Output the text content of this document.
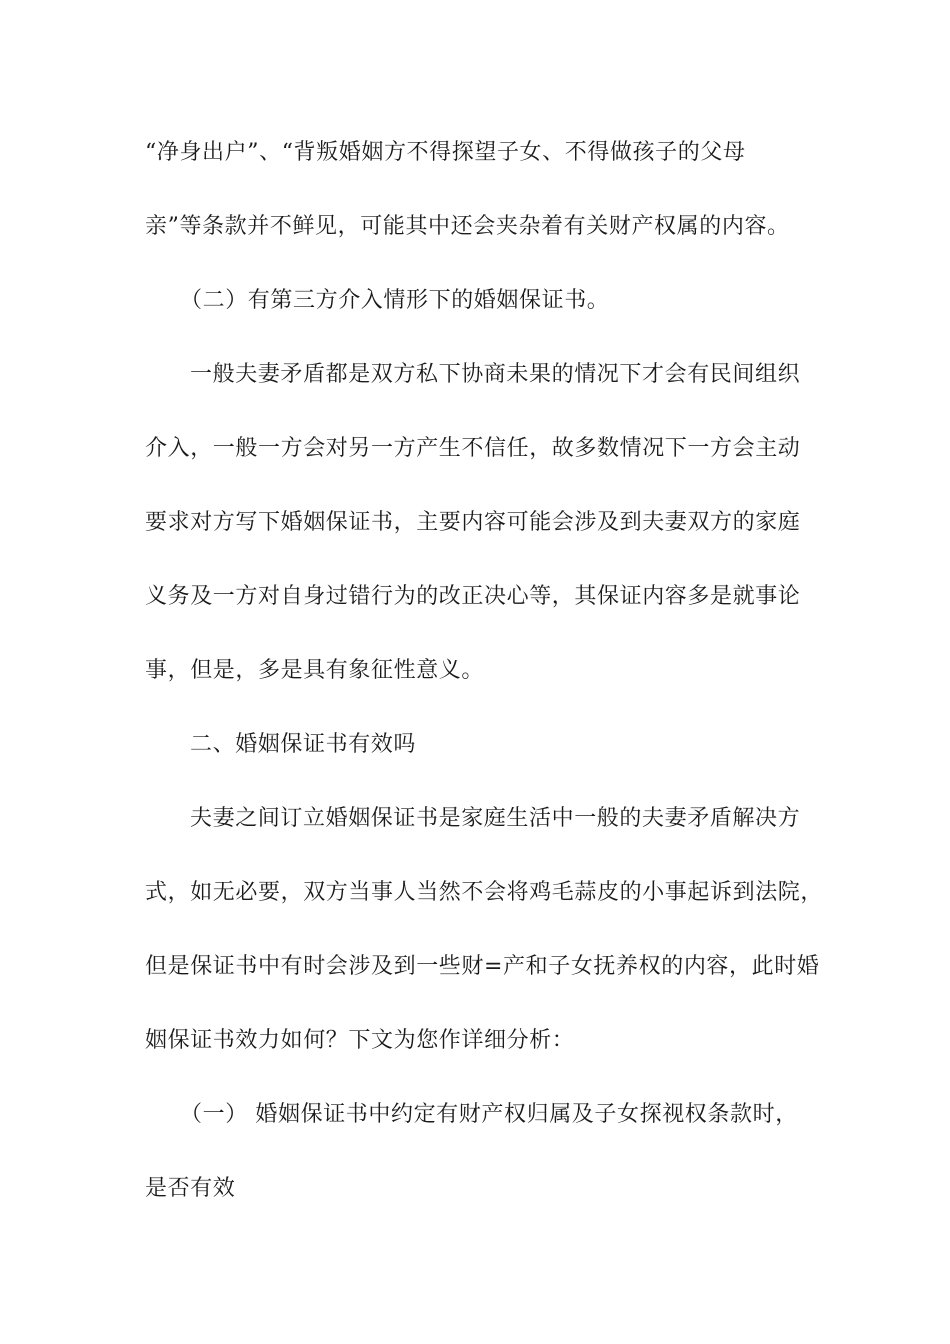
“净身出户”、“背叛婚姻方不得探望子女、不得做孩子的父母
亲”等条款并不鲜见，可能其中还会夹杂着有关财产权属的内容。
（二）有第三方介入情形下的婚姻保证书。
一般夫妻矛盾都是双方私下协商未果的情况下才会有民间组织
介入，一般一方会对另一方产生不信任，故多数情况下一方会主动
要求对方写下婚姻保证书，主要内容可能会涉及到夫妻双方的家庭
义务及一方对自身过错行为的改正决心等，其保证内容多是就事论
事，但是，多是具有象征性意义。
二、婚姻保证书有效吗
夫妻之间订立婚姻保证书是家庭生活中一般的夫妻矛盾解决方
式，如无必要，双方当事人当然不会将鸡毛蒜皮的小事起诉到法院，
但是保证书中有时会涉及到一些财=产和子女抚养权的内容，此时婚
姻保证书效力如何？下文为您作详细分析：
（一） 婚姻保证书中约定有财产权归属及子女探视权条款时，
是否有效
